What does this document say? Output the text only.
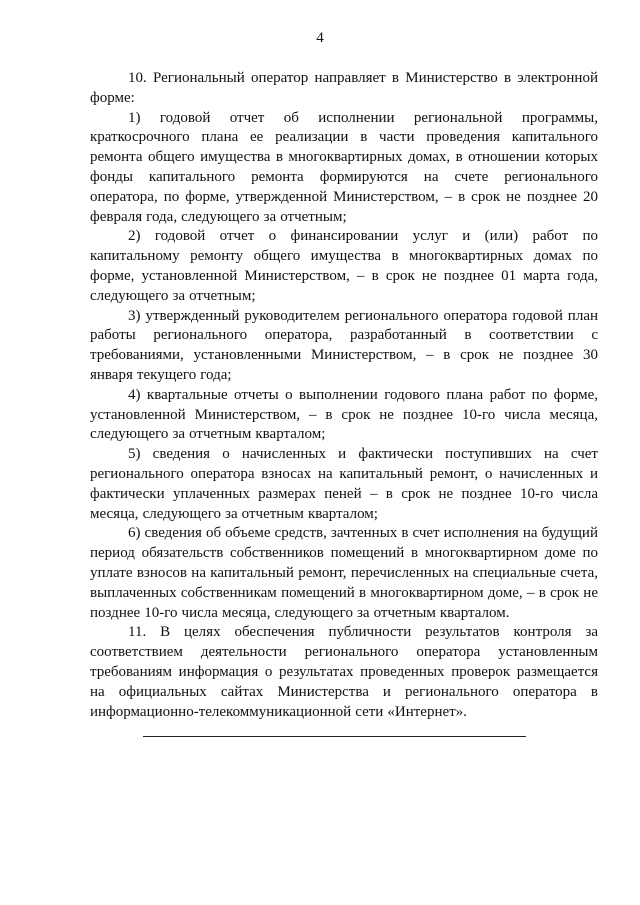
4

10. Региональный оператор направляет в Министерство в электронной форме:

1) годовой отчет об исполнении региональной программы, краткосрочного плана ее реализации в части проведения капитального ремонта общего имущества в многоквартирных домах, в отношении которых фонды капитального ремонта формируются на счете регионального оператора, по форме, утвержденной Министерством, – в срок не позднее 20 февраля года, следующего за отчетным;

2) годовой отчет о финансировании услуг и (или) работ по капитальному ремонту общего имущества в многоквартирных домах по форме, установленной Министерством, – в срок не позднее 01 марта года, следующего за отчетным;

3) утвержденный руководителем регионального оператора годовой план работы регионального оператора, разработанный в соответствии с требованиями, установленными Министерством, – в срок не позднее 30 января текущего года;

4) квартальные отчеты о выполнении годового плана работ по форме, установленной Министерством, – в срок не позднее 10-го числа месяца, следующего за отчетным кварталом;

5) сведения о начисленных и фактически поступивших на счет регионального оператора взносах на капитальный ремонт, о начисленных и фактически уплаченных размерах пеней – в срок не позднее 10-го числа месяца, следующего за отчетным кварталом;

6) сведения об объеме средств, зачтенных в счет исполнения на будущий период обязательств собственников помещений в многоквартирном доме по уплате взносов на капитальный ремонт, перечисленных на специальные счета, выплаченных собственникам помещений в многоквартирном доме, – в срок не позднее 10-го числа месяца, следующего за отчетным кварталом.

11. В целях обеспечения публичности результатов контроля за соответствием деятельности регионального оператора установленным требованиям информация о результатах проведенных проверок размещается на официальных сайтах Министерства и регионального оператора в информационно-телекоммуникационной сети «Интернет».
